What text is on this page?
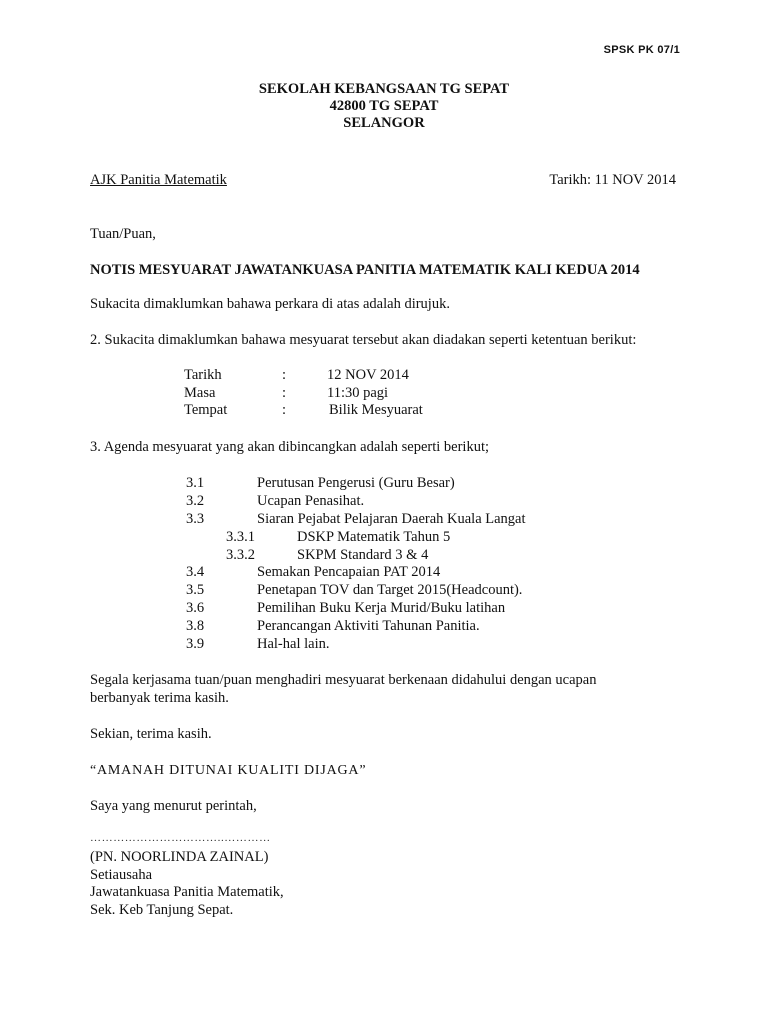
SPSK PK 07/1
SEKOLAH KEBANGSAAN TG SEPAT
42800 TG SEPAT
SELANGOR
AJK Panitia Matematik	Tarikh: 11 NOV 2014
Tuan/Puan,
NOTIS MESYUARAT JAWATANKUASA PANITIA MATEMATIK KALI KEDUA 2014
Sukacita dimaklumkan bahawa perkara di atas adalah dirujuk.
2. Sukacita dimaklumkan bahawa mesyuarat tersebut akan diadakan seperti ketentuan berikut:
Tarikh	:	12 NOV 2014
Masa	:	11:30 pagi
Tempat	:	Bilik Mesyuarat
3. Agenda mesyuarat yang akan dibincangkan adalah seperti berikut;
3.1	Perutusan Pengerusi (Guru Besar)
3.2	Ucapan Penasihat.
3.3	Siaran Pejabat Pelajaran Daerah Kuala Langat
3.3.1	DSKP Matematik Tahun 5
3.3.2	SKPM Standard 3 & 4
3.4	Semakan Pencapaian PAT 2014
3.5	Penetapan TOV dan Target 2015(Headcount).
3.6	Pemilihan Buku Kerja Murid/Buku latihan
3.8	Perancangan Aktiviti Tahunan Panitia.
3.9	Hal-hal lain.
Segala kerjasama tuan/puan menghadiri mesyuarat berkenaan didahului dengan ucapan
berbanyak terima kasih.
Sekian, terima kasih.
“AMANAH DITUNAI KUALITI DIJAGA”
Saya yang menurut perintah,
……………………………..…………
(PN. NOORLINDA ZAINAL)
Setiausaha
Jawatankuasa Panitia Matematik,
Sek. Keb Tanjung Sepat.
